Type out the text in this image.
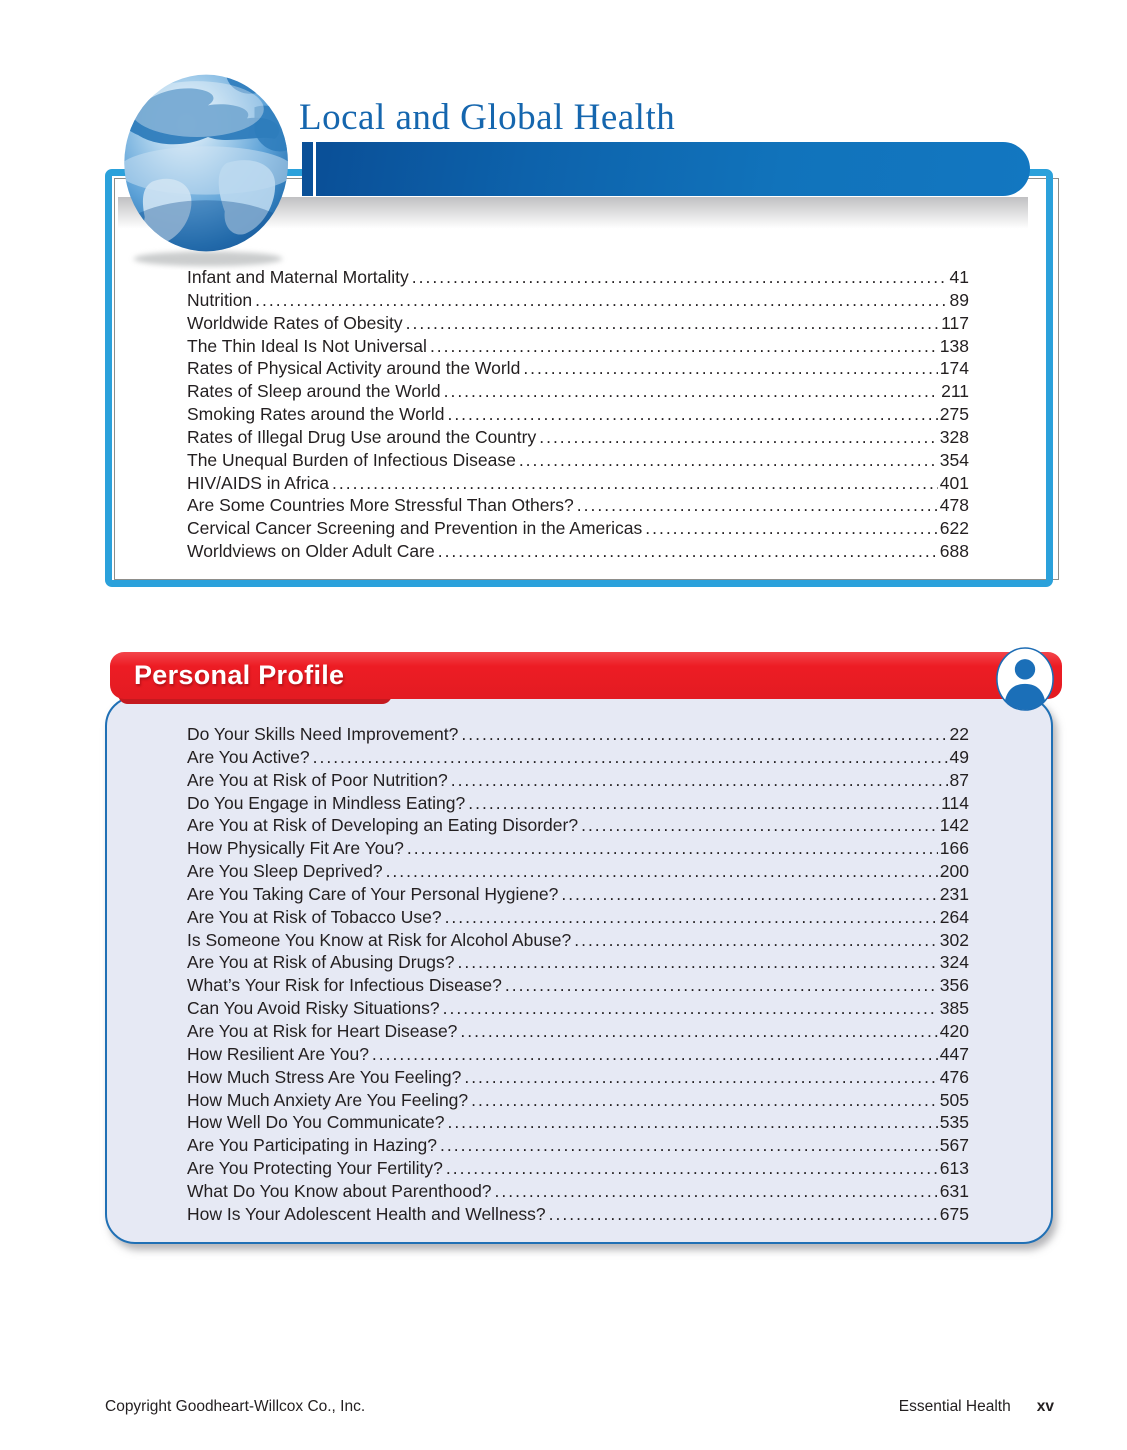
Local and Global Health
Infant and Maternal Mortality .....	41
Nutrition .....	89
Worldwide Rates of Obesity .....	117
The Thin Ideal Is Not Universal .....	138
Rates of Physical Activity around the World .....	174
Rates of Sleep around the World .....	211
Smoking Rates around the World .....	275
Rates of Illegal Drug Use around the Country .....	328
The Unequal Burden of Infectious Disease .....	354
HIV/AIDS in Africa .....	401
Are Some Countries More Stressful Than Others? .....	478
Cervical Cancer Screening and Prevention in the Americas .....	622
Worldviews on Older Adult Care .....	688
Personal Profile
Do Your Skills Need Improvement? .....	22
Are You Active? .....	49
Are You at Risk of Poor Nutrition? .....	87
Do You Engage in Mindless Eating? .....	114
Are You at Risk of Developing an Eating Disorder? .....	142
How Physically Fit Are You? .....	166
Are You Sleep Deprived? .....	200
Are You Taking Care of Your Personal Hygiene? .....	231
Are You at Risk of Tobacco Use? .....	264
Is Someone You Know at Risk for Alcohol Abuse? .....	302
Are You at Risk of Abusing Drugs? .....	324
What’s Your Risk for Infectious Disease? .....	356
Can You Avoid Risky Situations? .....	385
Are You at Risk for Heart Disease? .....	420
How Resilient Are You? .....	447
How Much Stress Are You Feeling? .....	476
How Much Anxiety Are You Feeling? .....	505
How Well Do You Communicate? .....	535
Are You Participating in Hazing? .....	567
Are You Protecting Your Fertility? .....	613
What Do You Know about Parenthood? .....	631
How Is Your Adolescent Health and Wellness? .....	675
Copyright Goodheart-Willcox Co., Inc.	Essential Health xv
